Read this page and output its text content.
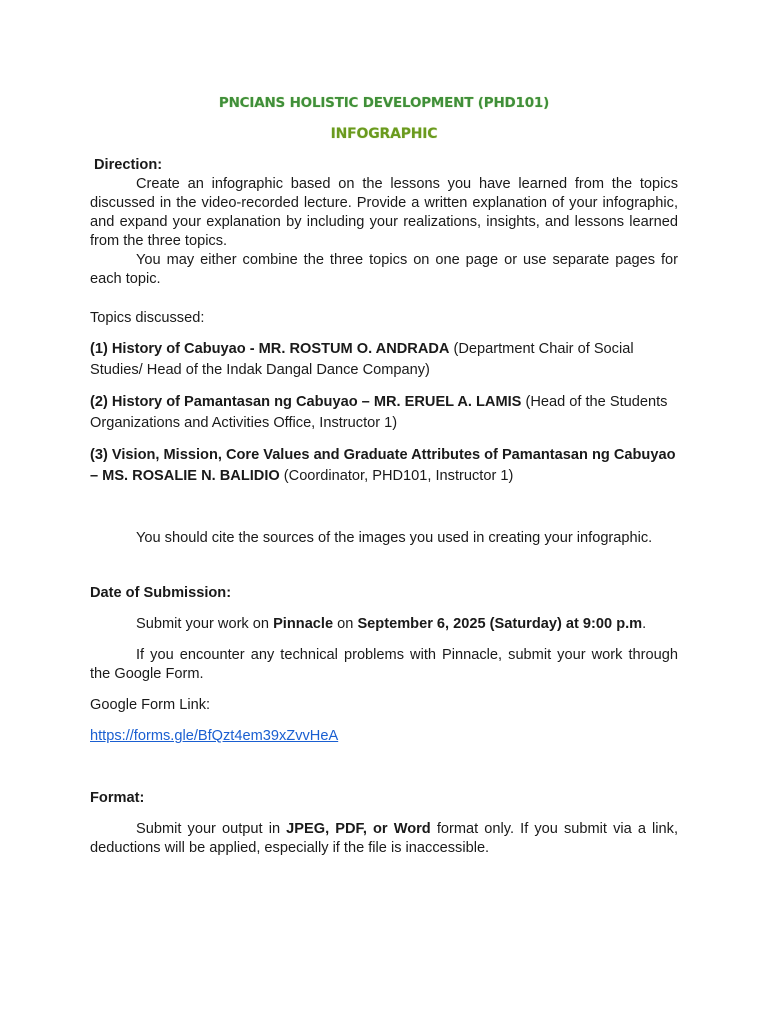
PNCIANS HOLISTIC DEVELOPMENT (PHD101)
INFOGRAPHIC
Direction:

Create an infographic based on the lessons you have learned from the topics discussed in the video-recorded lecture. Provide a written explanation of your infographic, and expand your explanation by including your realizations, insights, and lessons learned from the three topics.

You may either combine the three topics on one page or use separate pages for each topic.

Topics discussed:

(1) History of Cabuyao - MR. ROSTUM O. ANDRADA (Department Chair of Social Studies/ Head of the Indak Dangal Dance Company)
(2) History of Pamantasan ng Cabuyao – MR. ERUEL A. LAMIS (Head of the Students Organizations and Activities Office, Instructor 1)
(3) Vision, Mission, Core Values and Graduate Attributes of Pamantasan ng Cabuyao – MS. ROSALIE N. BALIDIO (Coordinator, PHD101, Instructor 1)

You should cite the sources of the images you used in creating your infographic.

Date of Submission:

Submit your work on Pinnacle on September 6, 2025 (Saturday) at 9:00 p.m.

If you encounter any technical problems with Pinnacle, submit your work through the Google Form.

Google Form Link:

https://forms.gle/BfQzt4em39xZvvHeA

Format:

Submit your output in JPEG, PDF, or Word format only. If you submit via a link, deductions will be applied, especially if the file is inaccessible.
